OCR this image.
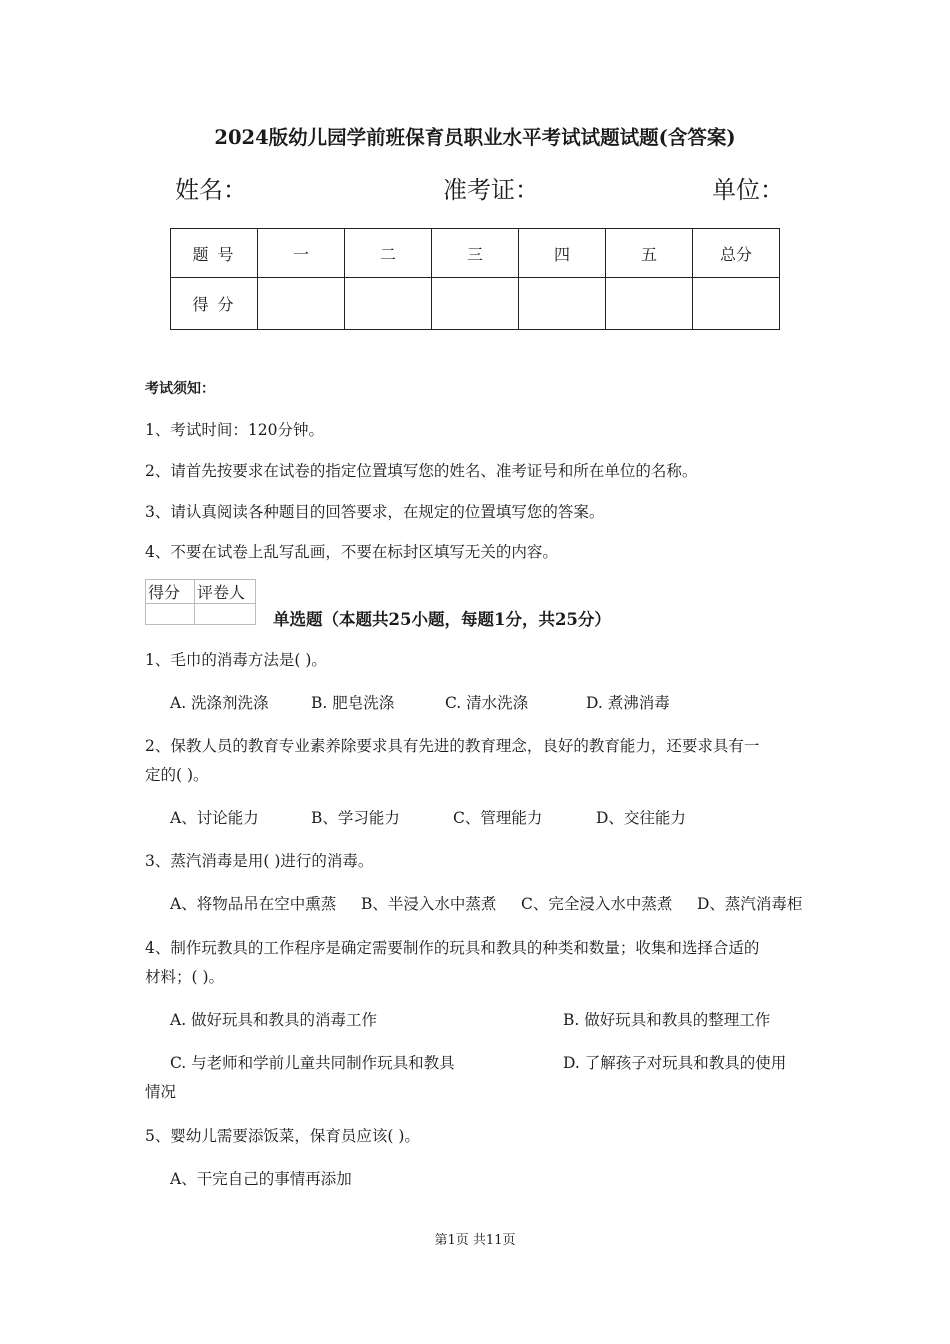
2024版幼儿园学前班保育员职业水平考试试题试题(含答案)
姓名：	准考证：	单位：
题 号	一	二	三	四	五	总分
得 分						
考试须知：
1、考试时间：120分钟。
2、请首先按要求在试卷的指定位置填写您的姓名、准考证号和所在单位的名称。
3、请认真阅读各种题目的回答要求，在规定的位置填写您的答案。
4、不要在试卷上乱写乱画，不要在标封区填写无关的内容。
得分	评卷人

单选题（本题共25小题，每题1分，共25分）
1、毛巾的消毒方法是( )。
A. 洗涤剂洗涤	B. 肥皂洗涤	C. 清水洗涤	D. 煮沸消毒
2、保教人员的教育专业素养除要求具有先进的教育理念，良好的教育能力，还要求具有一
定的( )。
A、讨论能力	B、学习能力	C、管理能力	D、交往能力
3、蒸汽消毒是用( )进行的消毒。
A、将物品吊在空中熏蒸 B、半浸入水中蒸煮 C、完全浸入水中蒸煮 D、蒸汽消毒柜
4、制作玩教具的工作程序是确定需要制作的玩具和教具的种类和数量；收集和选择合适的
材料；( )。
A. 做好玩具和教具的消毒工作	B. 做好玩具和教具的整理工作
C. 与老师和学前儿童共同制作玩具和教具	D. 了解孩子对玩具和教具的使用
情况
5、婴幼儿需要添饭菜，保育员应该( )。
A、干完自己的事情再添加
第1页 共11页
